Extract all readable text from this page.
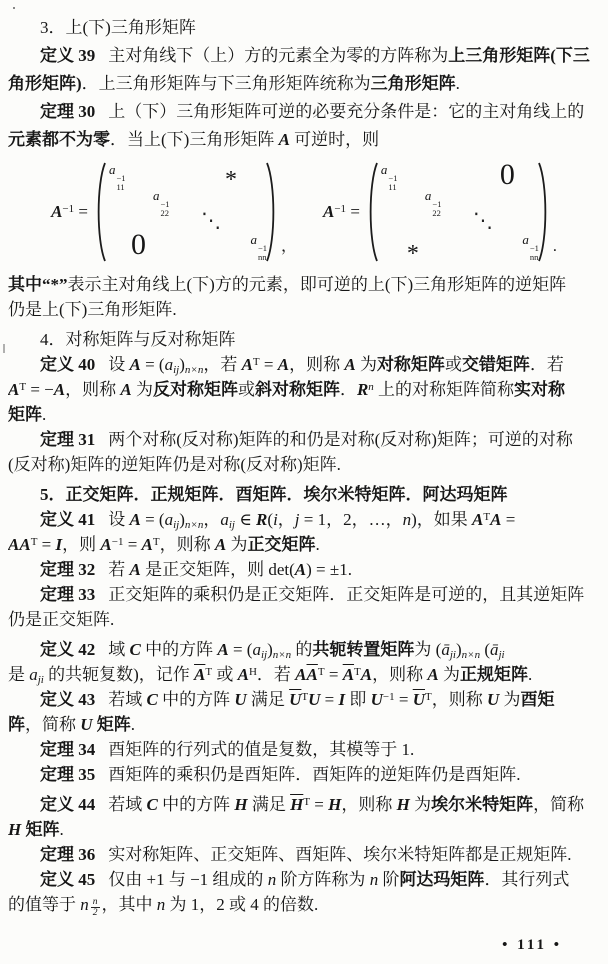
3．上(下)三角形矩阵
定义 39 主对角线下（上）方的元素全为零的方阵称为上三角形矩阵(下三
角形矩阵)．上三角形矩阵与下三角形矩阵统称为三角形矩阵.
定理 30 上（下）三角形矩阵可逆的必要充分条件是：它的主对角线上的
元素都不为零．当上(下)三角形矩阵 A 可逆时，则
$A^{-1}$ =
a
−1
11
a
−1
22 ⋱
a
−1
nn
*
0	，
$A^{-1}$ =
a
−1
11
a
−1
22 ⋱
a
−1
nn
0
*	.
其中“*”表示主对角线上(下)方的元素，即可逆的上(下)三角形矩阵的逆矩阵
仍是上(下)三角形矩阵.
4．对称矩阵与反对称矩阵
定义 40 设 $A = (a_{ij})_{n\times n}$，若 $A^T = A$，则称 A 为对称矩阵或交错矩阵．若
$A^T = -A$，则称 A 为反对称矩阵或斜对称矩阵．$R^n$ 上的对称矩阵简称实对称
矩阵.
定理 31 两个对称(反对称)矩阵的和仍是对称(反对称)矩阵；可逆的对称
(反对称)矩阵的逆矩阵仍是对称(反对称)矩阵.
5．正交矩阵．正规矩阵．酉矩阵．埃尔米特矩阵．阿达玛矩阵
定义 41 设 $A = (a_{ij})_{n\times n}$，$a_{ij}$ ∈ R(i，j = 1，2，…，n)，如果 $A^TA$ =
$AA^T = I$，则 $A^{-1} = A^T$，则称 A 为正交矩阵.
定理 32 若 A 是正交矩阵，则 det(A) = ±1.
定理 33 正交矩阵的乘积仍是正交矩阵．正交矩阵是可逆的，且其逆矩阵
仍是正交矩阵.
定义 42 域 C 中的方阵 $A = (a_{ij})_{n\times n}$ 的共轭转置矩阵为 $(ā_{ji})_{n\times n}$ ($ā_{ji}$
是 $a_{ji}$ 的共轭复数)，记作 $\overline{A}^T$ 或 $A^H$．若 $A\overline{A}^T = \overline{A}^TA$，则称 A 为正规矩阵.
定义 43 若域 C 中的方阵 U 满足 $\overline{U}^TU = I$ 即 $U^{-1} = \overline{U}^T$，则称 U 为酉矩
阵，简称 U 矩阵.
定理 34 酉矩阵的行列式的值是复数，其模等于 1.
定理 35 酉矩阵的乘积仍是酉矩阵．酉矩阵的逆矩阵仍是酉矩阵.
定义 44 若域 C 中的方阵 H 满足 $\overline{H}^T = H$，则称 H 为埃尔米特矩阵，简称
H 矩阵.
定理 36 实对称矩阵、正交矩阵、酉矩阵、埃尔米特矩阵都是正规矩阵.
定义 45 仅由 +1 与 −1 组成的 n 阶方阵称为 n 阶阿达玛矩阵．其行列式
的值等于 n $\frac{n}{2}$ ，其中 n 为 1，2 或 4 的倍数.
• 111 •
